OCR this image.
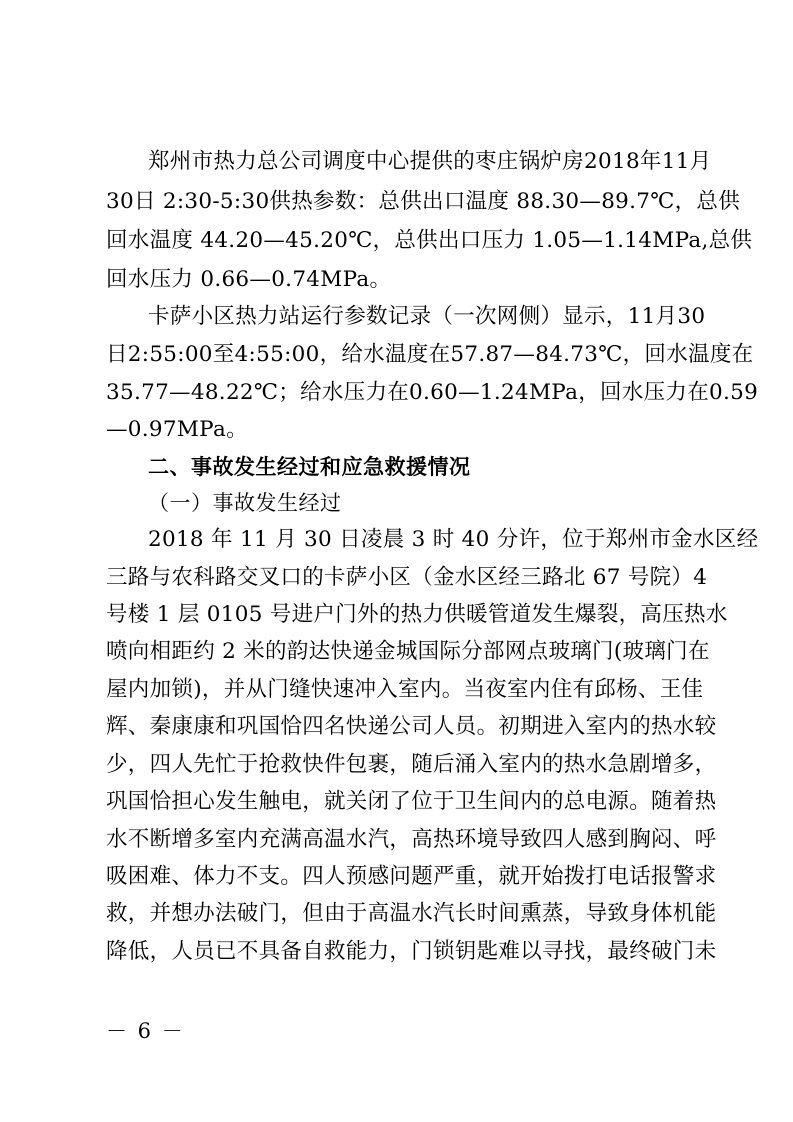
郑州市热力总公司调度中心提供的枣庄锅炉房2018年11月
30日 2:30-5:30供热参数：总供出口温度 88.30—89.7℃，总供
回水温度 44.20—45.20℃，总供出口压力 1.05—1.14MPa,总供
回水压力 0.66—0.74MPa。
卡萨小区热力站运行参数记录（一次网侧）显示，11月30
日2:55:00至4:55:00，给水温度在57.87—84.73℃，回水温度在
35.77—48.22℃；给水压力在0.60—1.24MPa，回水压力在0.59
—0.97MPa。
二、事故发生经过和应急救援情况
（一）事故发生经过
2018 年 11 月 30 日凌晨 3 时 40 分许，位于郑州市金水区经
三路与农科路交叉口的卡萨小区（金水区经三路北 67 号院）4
号楼 1 层 0105 号进户门外的热力供暖管道发生爆裂，高压热水
喷向相距约 2 米的韵达快递金城国际分部网点玻璃门(玻璃门在
屋内加锁)，并从门缝快速冲入室内。当夜室内住有邱杨、王佳
辉、秦康康和巩国恰四名快递公司人员。初期进入室内的热水较
少，四人先忙于抢救快件包裹，随后涌入室内的热水急剧增多，
巩国恰担心发生触电，就关闭了位于卫生间内的总电源。随着热
水不断增多室内充满高温水汽，高热环境导致四人感到胸闷、呼
吸困难、体力不支。四人预感问题严重，就开始拨打电话报警求
救，并想办法破门，但由于高温水汽长时间熏蒸，导致身体机能
降低，人员已不具备自救能力，门锁钥匙难以寻找，最终破门未
－ 6 －
